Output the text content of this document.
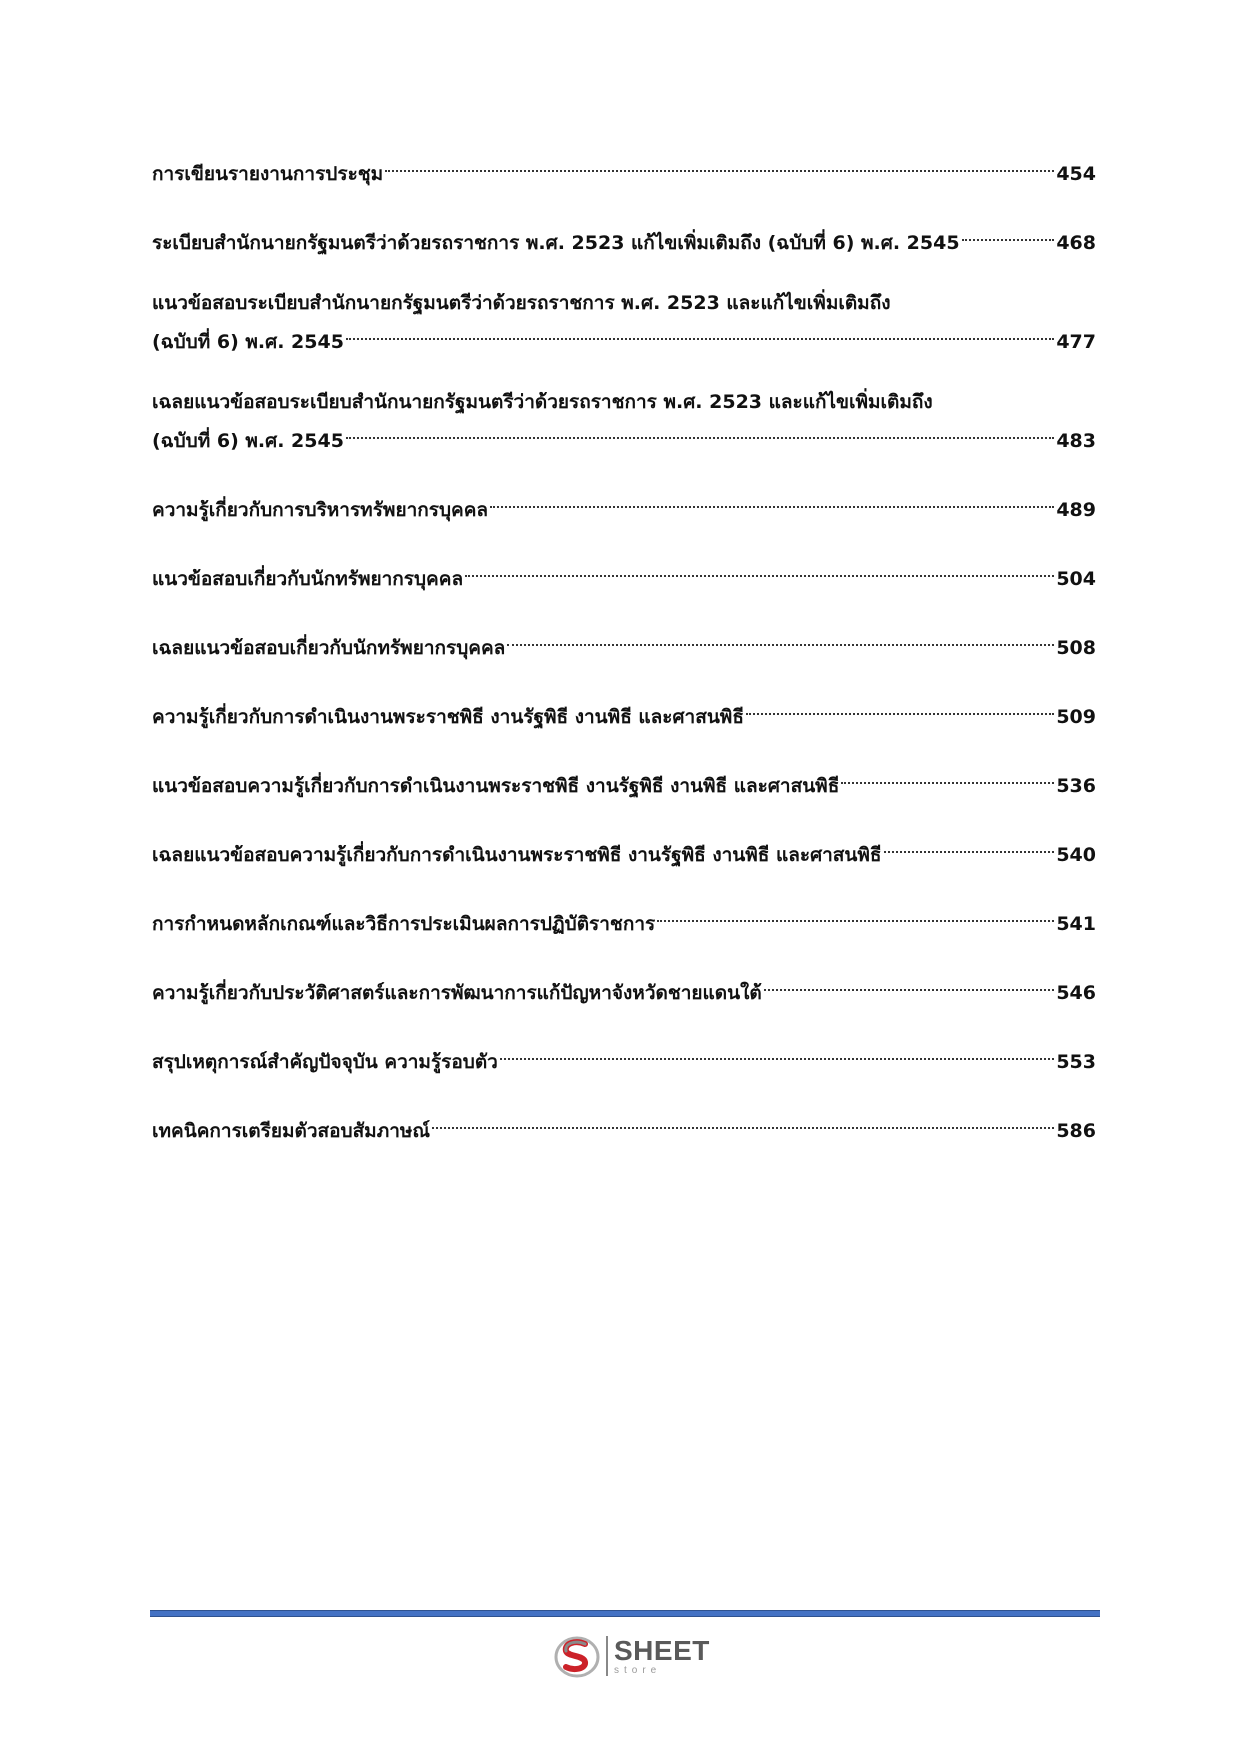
การเขียนรายงานการประชุม	454
ระเบียบสำนักนายกรัฐมนตรีว่าด้วยรถราชการ พ.ศ. 2523 แก้ไขเพิ่มเติมถึง (ฉบับที่ 6) พ.ศ. 2545	468
แนวข้อสอบระเบียบสำนักนายกรัฐมนตรีว่าด้วยรถราชการ พ.ศ. 2523 และแก้ไขเพิ่มเติมถึง
(ฉบับที่ 6) พ.ศ. 2545	477
เฉลยแนวข้อสอบระเบียบสำนักนายกรัฐมนตรีว่าด้วยรถราชการ พ.ศ. 2523 และแก้ไขเพิ่มเติมถึง
(ฉบับที่ 6) พ.ศ. 2545	483
ความรู้เกี่ยวกับการบริหารทรัพยากรบุคคล	489
แนวข้อสอบเกี่ยวกับนักทรัพยากรบุคคล	504
เฉลยแนวข้อสอบเกี่ยวกับนักทรัพยากรบุคคล	508
ความรู้เกี่ยวกับการดำเนินงานพระราชพิธี งานรัฐพิธี งานพิธี และศาสนพิธี	509
แนวข้อสอบความรู้เกี่ยวกับการดำเนินงานพระราชพิธี งานรัฐพิธี งานพิธี และศาสนพิธี	536
เฉลยแนวข้อสอบความรู้เกี่ยวกับการดำเนินงานพระราชพิธี งานรัฐพิธี งานพิธี และศาสนพิธี	540
การกำหนดหลักเกณฑ์และวิธีการประเมินผลการปฏิบัติราชการ	541
ความรู้เกี่ยวกับประวัติศาสตร์และการพัฒนาการแก้ปัญหาจังหวัดชายแดนใต้	546
สรุปเหตุการณ์สำคัญปัจจุบัน ความรู้รอบตัว	553
เทคนิคการเตรียมตัวสอบสัมภาษณ์	586
SHEET
store
